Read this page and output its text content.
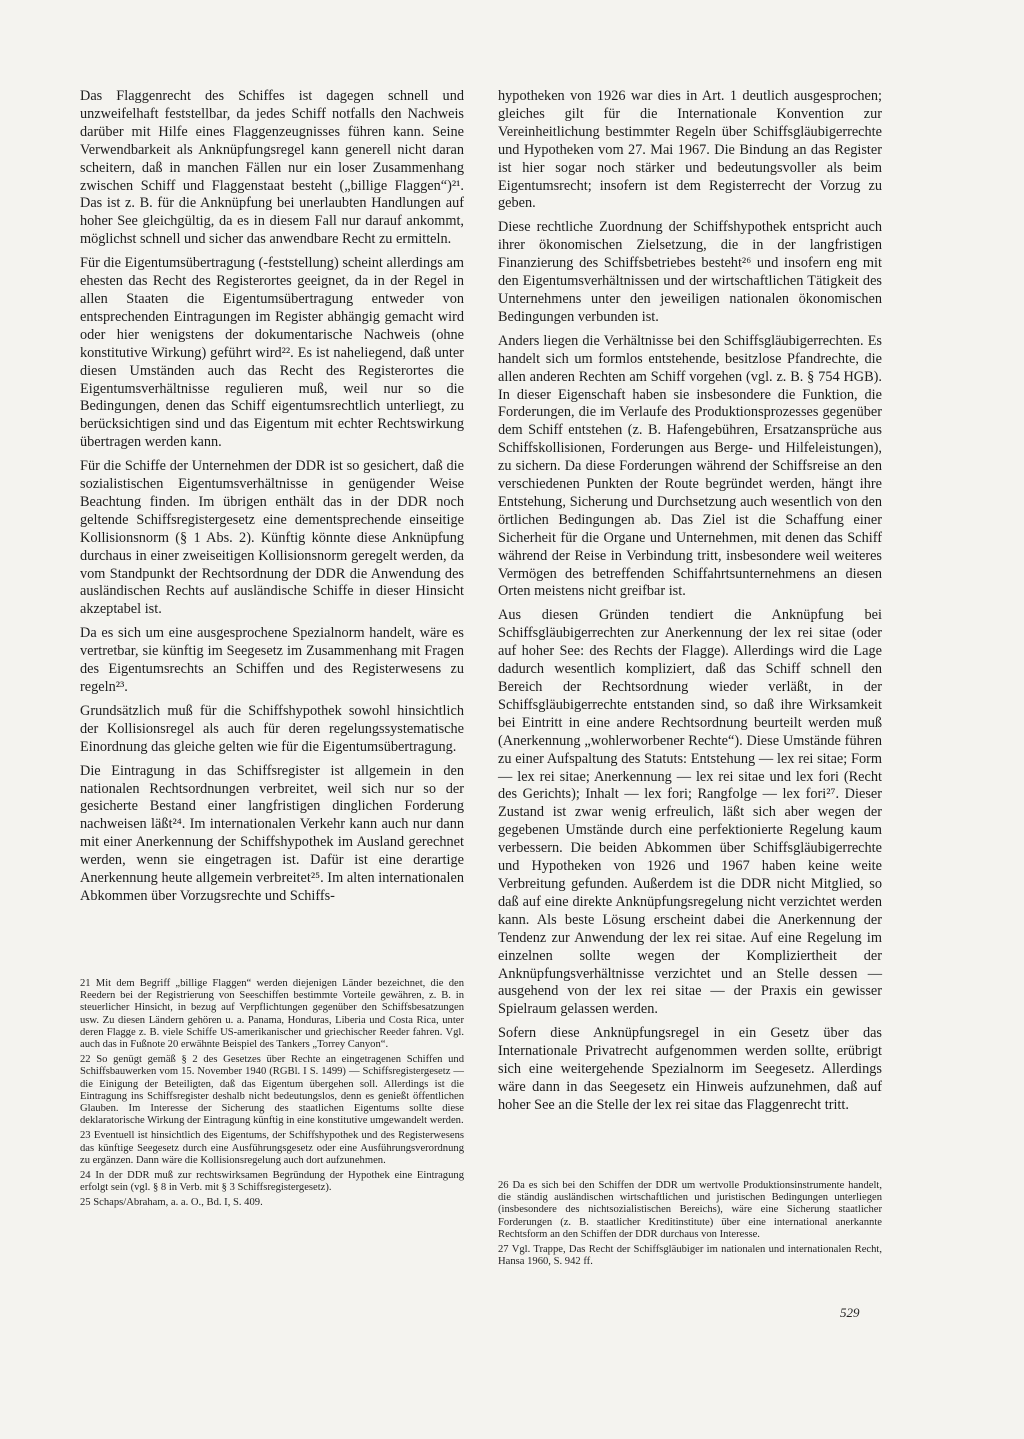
Das Flaggenrecht des Schiffes ist dagegen schnell und unzweifelhaft feststellbar, da jedes Schiff notfalls den Nachweis darüber mit Hilfe eines Flaggenzeugnisses führen kann. Seine Verwendbarkeit als Anknüpfungsregel kann generell nicht daran scheitern, daß in manchen Fällen nur ein loser Zusammenhang zwischen Schiff und Flaggenstaat besteht („billige Flaggen“)²¹. Das ist z. B. für die Anknüpfung bei unerlaubten Handlungen auf hoher See gleichgültig, da es in diesem Fall nur darauf ankommt, möglichst schnell und sicher das anwendbare Recht zu ermitteln.

Für die Eigentumsübertragung (-feststellung) scheint allerdings am ehesten das Recht des Registerortes geeignet, da in der Regel in allen Staaten die Eigentumsübertragung entweder von entsprechenden Eintragungen im Register abhängig gemacht wird oder hier wenigstens der dokumentarische Nachweis (ohne konstitutive Wirkung) geführt wird²². Es ist naheliegend, daß unter diesen Umständen auch das Recht des Registerortes die Eigentumsverhältnisse regulieren muß, weil nur so die Bedingungen, denen das Schiff eigentumsrechtlich unterliegt, zu berücksichtigen sind und das Eigentum mit echter Rechtswirkung übertragen werden kann.

Für die Schiffe der Unternehmen der DDR ist so gesichert, daß die sozialistischen Eigentumsverhältnisse in genügender Weise Beachtung finden. Im übrigen enthält das in der DDR noch geltende Schiffsregistergesetz eine dementsprechende einseitige Kollisionsnorm (§ 1 Abs. 2). Künftig könnte diese Anknüpfung durchaus in einer zweiseitigen Kollisionsnorm geregelt werden, da vom Standpunkt der Rechtsordnung der DDR die Anwendung des ausländischen Rechts auf ausländische Schiffe in dieser Hinsicht akzeptabel ist.

Da es sich um eine ausgesprochene Spezialnorm handelt, wäre es vertretbar, sie künftig im Seegesetz im Zusammenhang mit Fragen des Eigentumsrechts an Schiffen und des Registerwesens zu regeln²³.

Grundsätzlich muß für die Schiffshypothek sowohl hinsichtlich der Kollisionsregel als auch für deren regelungssystematische Einordnung das gleiche gelten wie für die Eigentumsübertragung.

Die Eintragung in das Schiffsregister ist allgemein in den nationalen Rechtsordnungen verbreitet, weil sich nur so der gesicherte Bestand einer langfristigen dinglichen Forderung nachweisen läßt²⁴. Im internationalen Verkehr kann auch nur dann mit einer Anerkennung der Schiffshypothek im Ausland gerechnet werden, wenn sie eingetragen ist. Dafür ist eine derartige Anerkennung heute allgemein verbreitet²⁵. Im alten internationalen Abkommen über Vorzugsrechte und Schiffs-

hypotheken von 1926 war dies in Art. 1 deutlich ausgesprochen; gleiches gilt für die Internationale Konvention zur Vereinheitlichung bestimmter Regeln über Schiffsgläubigerrechte und Hypotheken vom 27. Mai 1967. Die Bindung an das Register ist hier sogar noch stärker und bedeutungsvoller als beim Eigentumsrecht; insofern ist dem Registerrecht der Vorzug zu geben.

Diese rechtliche Zuordnung der Schiffshypothek entspricht auch ihrer ökonomischen Zielsetzung, die in der langfristigen Finanzierung des Schiffsbetriebes besteht²⁶ und insofern eng mit den Eigentumsverhältnissen und der wirtschaftlichen Tätigkeit des Unternehmens unter den jeweiligen nationalen ökonomischen Bedingungen verbunden ist.

Anders liegen die Verhältnisse bei den Schiffsgläubigerrechten. Es handelt sich um formlos entstehende, besitzlose Pfandrechte, die allen anderen Rechten am Schiff vorgehen (vgl. z. B. § 754 HGB). In dieser Eigenschaft haben sie insbesondere die Funktion, die Forderungen, die im Verlaufe des Produktionsprozesses gegenüber dem Schiff entstehen (z. B. Hafengebühren, Ersatzansprüche aus Schiffskollisionen, Forderungen aus Berge- und Hilfeleistungen), zu sichern. Da diese Forderungen während der Schiffsreise an den verschiedenen Punkten der Route begründet werden, hängt ihre Entstehung, Sicherung und Durchsetzung auch wesentlich von den örtlichen Bedingungen ab. Das Ziel ist die Schaffung einer Sicherheit für die Organe und Unternehmen, mit denen das Schiff während der Reise in Verbindung tritt, insbesondere weil weiteres Vermögen des betreffenden Schiffahrtsunternehmens an diesen Orten meistens nicht greifbar ist.

Aus diesen Gründen tendiert die Anknüpfung bei Schiffsgläubigerrechten zur Anerkennung der lex rei sitae (oder auf hoher See: des Rechts der Flagge). Allerdings wird die Lage dadurch wesentlich kompliziert, daß das Schiff schnell den Bereich der Rechtsordnung wieder verläßt, in der Schiffsgläubigerrechte entstanden sind, so daß ihre Wirksamkeit bei Eintritt in eine andere Rechtsordnung beurteilt werden muß (Anerkennung „wohlerworbener Rechte“). Diese Umstände führen zu einer Aufspaltung des Statuts: Entstehung — lex rei sitae; Form — lex rei sitae; Anerkennung — lex rei sitae und lex fori (Recht des Gerichts); Inhalt — lex fori; Rangfolge — lex fori²⁷. Dieser Zustand ist zwar wenig erfreulich, läßt sich aber wegen der gegebenen Umstände durch eine perfektionierte Regelung kaum verbessern. Die beiden Abkommen über Schiffsgläubigerrechte und Hypotheken von 1926 und 1967 haben keine weite Verbreitung gefunden. Außerdem ist die DDR nicht Mitglied, so daß auf eine direkte Anknüpfungsregelung nicht verzichtet werden kann. Als beste Lösung erscheint dabei die Anerkennung der Tendenz zur Anwendung der lex rei sitae. Auf eine Regelung im einzelnen sollte wegen der Kompliziertheit der Anknüpfungsverhältnisse verzichtet und an Stelle dessen — ausgehend von der lex rei sitae — der Praxis ein gewisser Spielraum gelassen werden.

Sofern diese Anknüpfungsregel in ein Gesetz über das Internationale Privatrecht aufgenommen werden sollte, erübrigt sich eine weitergehende Spezialnorm im Seegesetz. Allerdings wäre dann in das Seegesetz ein Hinweis aufzunehmen, daß auf hoher See an die Stelle der lex rei sitae das Flaggenrecht tritt.

21 Mit dem Begriff „billige Flaggen“ werden diejenigen Länder bezeichnet, die den Reedern bei der Registrierung von Seeschiffen bestimmte Vorteile gewähren, z. B. in steuerlicher Hinsicht, in bezug auf Verpflichtungen gegenüber den Schiffsbesatzungen usw. Zu diesen Ländern gehören u. a. Panama, Honduras, Liberia und Costa Rica, unter deren Flagge z. B. viele Schiffe US-amerikanischer und griechischer Reeder fahren. Vgl. auch das in Fußnote 20 erwähnte Beispiel des Tankers „Torrey Canyon“.

22 So genügt gemäß § 2 des Gesetzes über Rechte an eingetragenen Schiffen und Schiffsbauwerken vom 15. November 1940 (RGBl. I S. 1499) — Schiffsregistergesetz — die Einigung der Beteiligten, daß das Eigentum übergehen soll. Allerdings ist die Eintragung ins Schiffsregister deshalb nicht bedeutungslos, denn es genießt öffentlichen Glauben. Im Interesse der Sicherung des staatlichen Eigentums sollte diese deklaratorische Wirkung der Eintragung künftig in eine konstitutive umgewandelt werden.

23 Eventuell ist hinsichtlich des Eigentums, der Schiffshypothek und des Registerwesens das künftige Seegesetz durch eine Ausführungsgesetz oder eine Ausführungsverordnung zu ergänzen. Dann wäre die Kollisionsregelung auch dort aufzunehmen.

24 In der DDR muß zur rechtswirksamen Begründung der Hypothek eine Eintragung erfolgt sein (vgl. § 8 in Verb. mit § 3 Schiffsregistergesetz).

25 Schaps/Abraham, a. a. O., Bd. I, S. 409.

26 Da es sich bei den Schiffen der DDR um wertvolle Produktionsinstrumente handelt, die ständig ausländischen wirtschaftlichen und juristischen Bedingungen unterliegen (insbesondere des nichtsozialistischen Bereichs), wäre eine Sicherung staatlicher Forderungen (z. B. staatlicher Kreditinstitute) über eine international anerkannte Rechtsform an den Schiffen der DDR durchaus von Interesse.

27 Vgl. Trappe, Das Recht der Schiffsgläubiger im nationalen und internationalen Recht, Hansa 1960, S. 942 ff.

529
